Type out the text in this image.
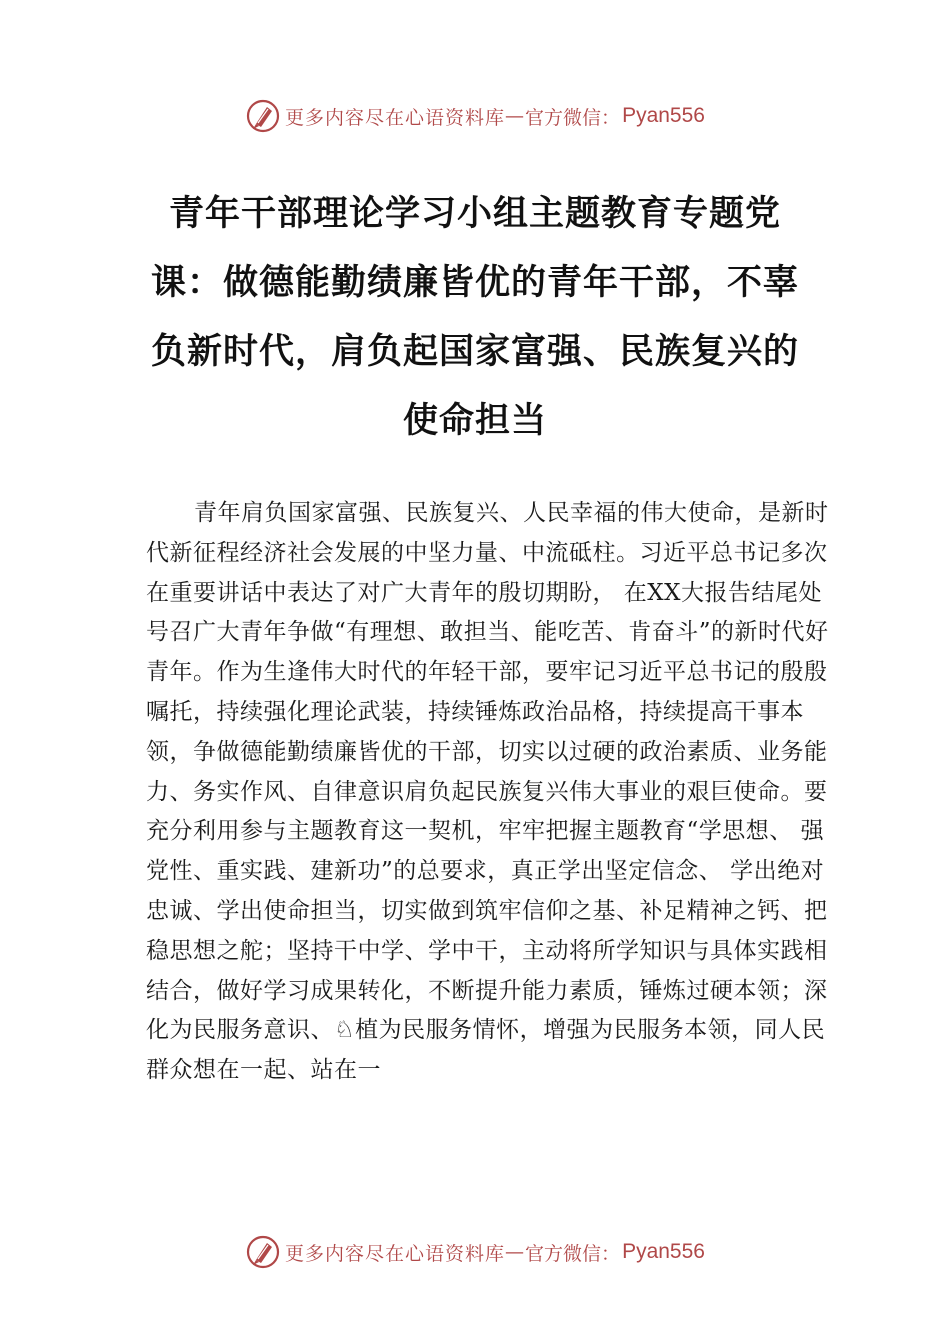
更多内容尽在心语资料库 — 官方微信： Pyan556
青年干部理论学习小组主题教育专题党课：做德能勤绩廉皆优的青年干部，不辜负新时代，肩负起国家富强、民族复兴的使命担当

青年肩负国家富强、民族复兴、人民幸福的伟大使命，是新时代新征程经济社会发展的中坚力量、中流砥柱。习近平总书记多次在重要讲话中表达了对广大青年的殷切期盼， 在XX大报告结尾处号召广大青年争做“有理想、敢担当、能吃苦、肯奋斗”的新时代好青年。作为生逢伟大时代的年轻干部，要牢记习近平总书记的殷殷嘱托，持续强化理论武装，持续锤炼政治品格，持续提高干事本领，争做德能勤绩廉皆优的干部，切实以过硬的政治素质、业务能力、务实作风、自律意识肩负起民族复兴伟大事业的艰巨使命。要充分利用参与主题教育这一契机，牢牢把握主题教育“学思想、 强党性、重实践、建新功”的总要求，真正学出坚定信念、 学出绝对忠诚、学出使命担当，切实做到筑牢信仰之基、补足精神之钙、把稳思想之舵；坚持干中学、学中干，主动将所学知识与具体实践相结合，做好学习成果转化，不断提升能力素质，锤炼过硬本领；深化为民服务意识、♘植为民服务情怀，增强为民服务本领，同人民群众想在一起、站在一

更多内容尽在心语资料库 — 官方微信： Pyan556
